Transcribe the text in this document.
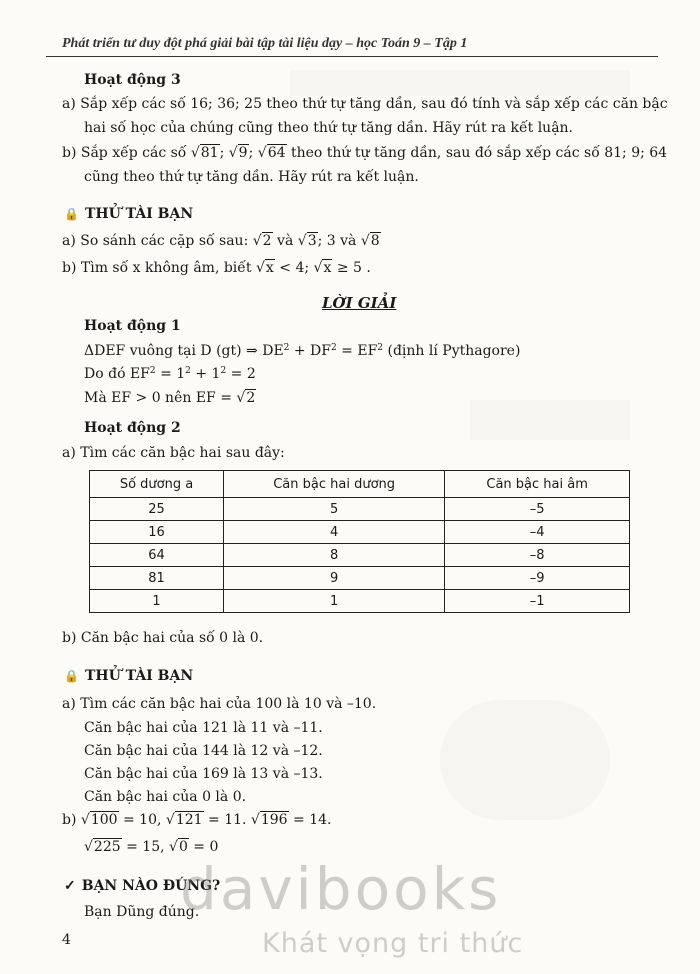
Phát triển tư duy đột phá giải bài tập tài liệu dạy – học Toán 9 – Tập 1
Hoạt động 3
a) Sắp xếp các số 16; 36; 25 theo thứ tự tăng dần, sau đó tính và sắp xếp các căn bậc
hai số học của chúng cũng theo thứ tự tăng dần. Hãy rút ra kết luận.
b) Sắp xếp các số √81; √9; √64 theo thứ tự tăng dần, sau đó sắp xếp các số 81; 9; 64
cũng theo thứ tự tăng dần. Hãy rút ra kết luận.
🔒 THỬ TÀI BẠN
a) So sánh các cặp số sau: √2 và √3; 3 và √8
b) Tìm số x không âm, biết √x < 4; √x ≥ 5 .
LỜI GIẢI
Hoạt động 1
ΔDEF vuông tại D (gt) ⇒ $DE^2 + DF^2 = EF^2$ (định lí Pythagore)
Do đó $EF^2 = 1^2 + 1^2 = 2$
Mà EF > 0 nên EF = √2
Hoạt động 2
a) Tìm các căn bậc hai sau đây:
Số dương a	Căn bậc hai dương	Căn bậc hai âm
25	5	–5
16	4	–4
64	8	–8
81	9	–9
1	1	–1
b) Căn bậc hai của số 0 là 0.
🔒 THỬ TÀI BẠN
a) Tìm các căn bậc hai của 100 là 10 và –10.
Căn bậc hai của 121 là 11 và –11.
Căn bậc hai của 144 là 12 và –12.
Căn bậc hai của 169 là 13 và –13.
Căn bậc hai của 0 là 0.
b) √100 = 10, √121 = 11. √196 = 14.
√225 = 15, √0 = 0
✓ BẠN NÀO ĐÚNG?
Bạn Dũng đúng.
4
davibooks
Khát vọng tri thức
